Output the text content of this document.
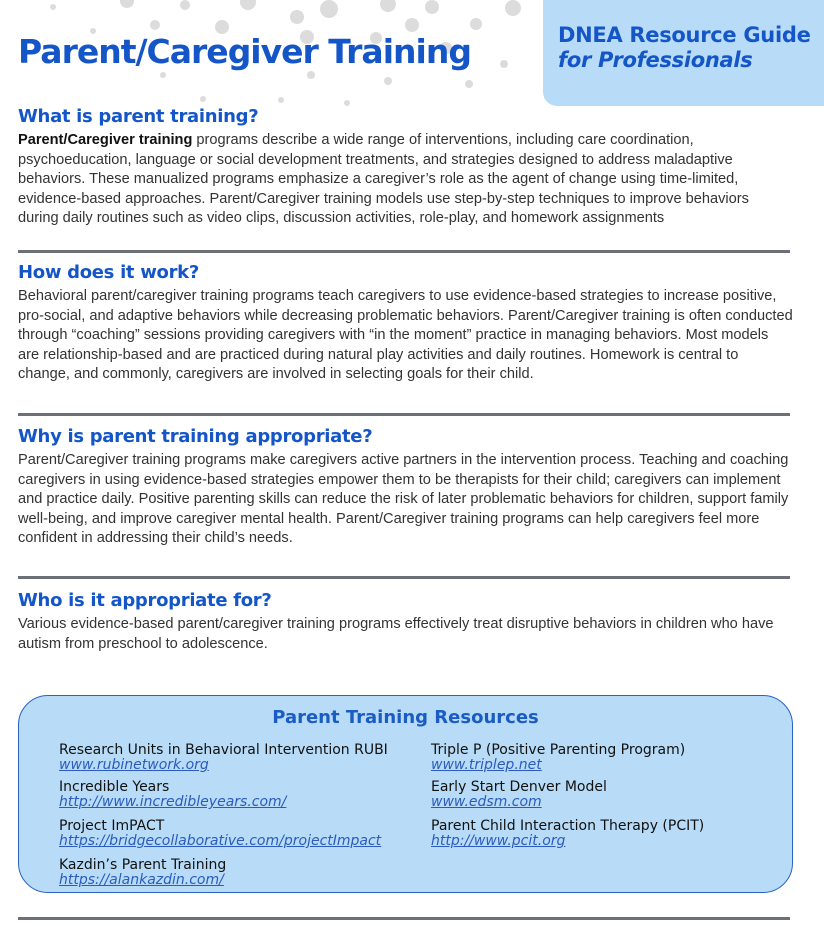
Parent/Caregiver Training	DNEA Resource Guide
for Professionals
What is parent training?

Parent/Caregiver training programs describe a wide range of interventions, including care coordination, psychoeducation, language or social development treatments, and strategies designed to address maladaptive behaviors. These manualized programs emphasize a caregiver’s role as the agent of change using time-limited, evidence-based approaches. Parent/Caregiver training models use step-by-step techniques to improve behaviors during daily routines such as video clips, discussion activities, role-play, and homework assignments

How does it work?

Behavioral parent/caregiver training programs teach caregivers to use evidence-based strategies to increase positive, pro-social, and adaptive behaviors while decreasing problematic behaviors. Parent/Caregiver training is often conducted through “coaching” sessions providing caregivers with “in the moment” practice in managing behaviors. Most models are relationship-based and are practiced during natural play activities and daily routines. Homework is central to change, and commonly, caregivers are involved in selecting goals for their child.

Why is parent training appropriate?

Parent/Caregiver training programs make caregivers active partners in the intervention process. Teaching and coaching caregivers in using evidence-based strategies empower them to be therapists for their child; caregivers can implement and practice daily. Positive parenting skills can reduce the risk of later problematic behaviors for children, support family well-being, and improve caregiver mental health. Parent/Caregiver training programs can help caregivers feel more confident in addressing their child’s needs.

Who is it appropriate for?

Various evidence-based parent/caregiver training programs effectively treat disruptive behaviors in children who have autism from preschool to adolescence.

Parent Training Resources
Research Units in Behavioral Intervention RUBI
www.rubinetwork.org
Incredible Years
http://www.incredibleyears.com/
Project ImPACT
https://bridgecollaborative.com/projectImpact
Kazdin’s Parent Training
https://alankazdin.com/
Triple P (Positive Parenting Program)
www.triplep.net
Early Start Denver Model
www.edsm.com
Parent Child Interaction Therapy (PCIT)
http://www.pcit.org
